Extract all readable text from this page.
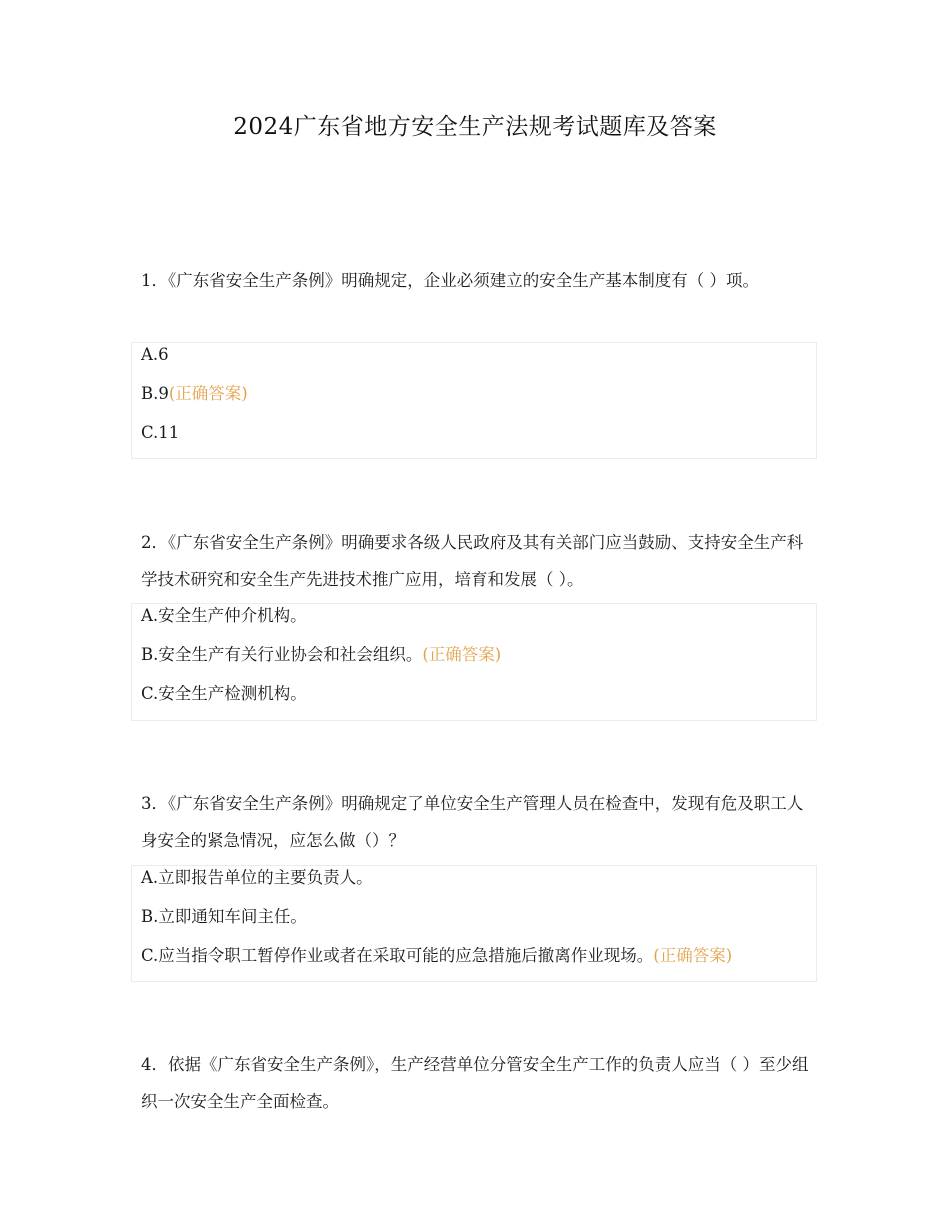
2024广东省地方安全生产法规考试题库及答案
1．《广东省安全生产条例》明确规定，企业必须建立的安全生产基本制度有（ ）项。
A.6
B.9(正确答案)
C.11
2．《广东省安全生产条例》明确要求各级人民政府及其有关部门应当鼓励、支持安全生产科学技术研究和安全生产先进技术推广应用，培育和发展（ ）。
A.安全生产仲介机构。
B.安全生产有关行业协会和社会组织。(正确答案)
C.安全生产检测机构。
3．《广东省安全生产条例》明确规定了单位安全生产管理人员在检查中，发现有危及职工人身安全的紧急情况，应怎么做（）？
A.立即报告单位的主要负责人。
B.立即通知车间主任。
C.应当指令职工暂停作业或者在采取可能的应急措施后撤离作业现场。(正确答案)
4．依据《广东省安全生产条例》，生产经营单位分管安全生产工作的负责人应当（ ）至少组织一次安全生产全面检查。
